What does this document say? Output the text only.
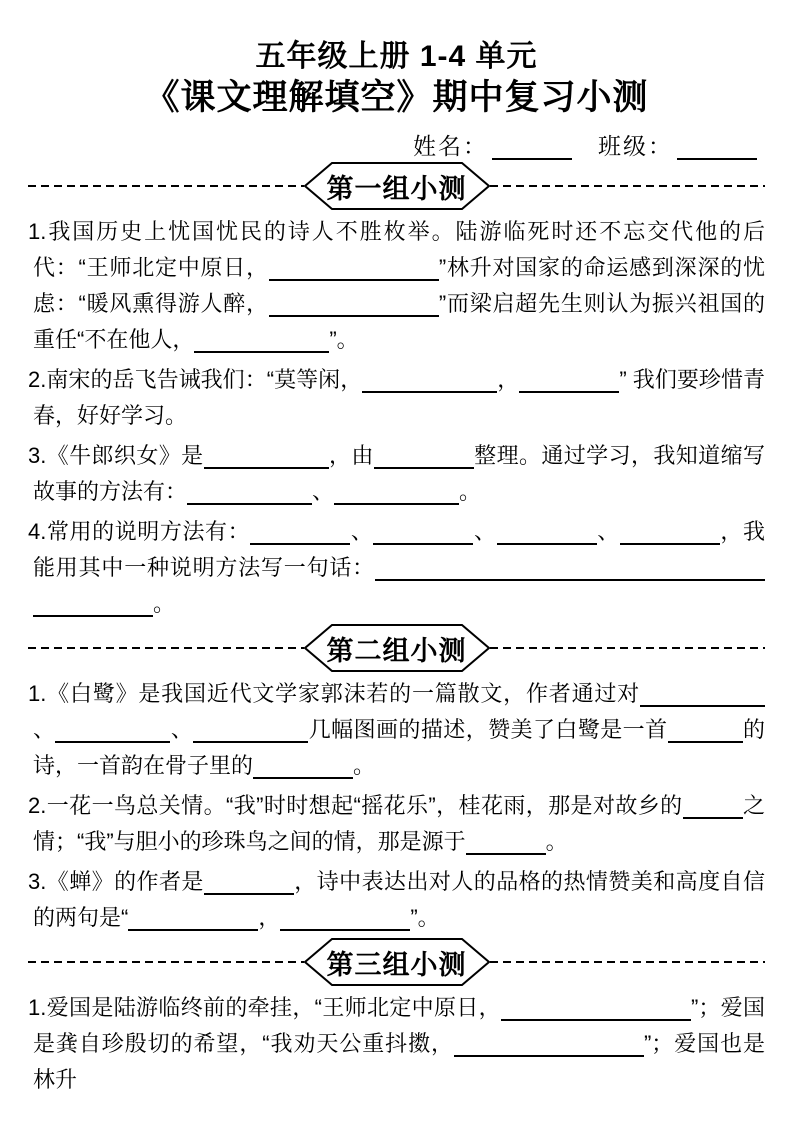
五年级上册 1-4 单元
《课文理解填空》期中复习小测
姓名：	班级：
第一组小测

1.我国历史上忧国忧民的诗人不胜枚举。陆游临死时还不忘交代他的后代：“王师北定中原日，	”林升对国家的命运感到深深的忧虑：“暖风熏得游人醉，	”而梁启超先生则认为振兴祖国的重任“不在他人，	”。

2.南宋的岳飞告诫我们：“莫等闲，	，	” 我们要珍惜青春，好好学习。

3.《牛郎织女》是	，由	整理。通过学习，我知道缩写故事的方法有：	、	。

4.常用的说明方法有：	、	、	、	，我能用其中一种说明方法写一句话：。

第二组小测

1.《白鹭》是我国近代文学家郭沫若的一篇散文，作者通过对、	、	几幅图画的描述，赞美了白鹭是一首	的诗，一首韵在骨子里的	。

2.一花一鸟总关情。“我”时时想起“摇花乐”，桂花雨，那是对故乡的	之情；“我”与胆小的珍珠鸟之间的情，那是源于	。

3.《蝉》的作者是	，诗中表达出对人的品格的热情赞美和高度自信的两句是“	，	”。

第三组小测

1.爱国是陆游临终前的牵挂，“王师北定中原日，	”；爱国是龚自珍殷切的希望，“我劝天公重抖擞，	”；爱国也是林升
